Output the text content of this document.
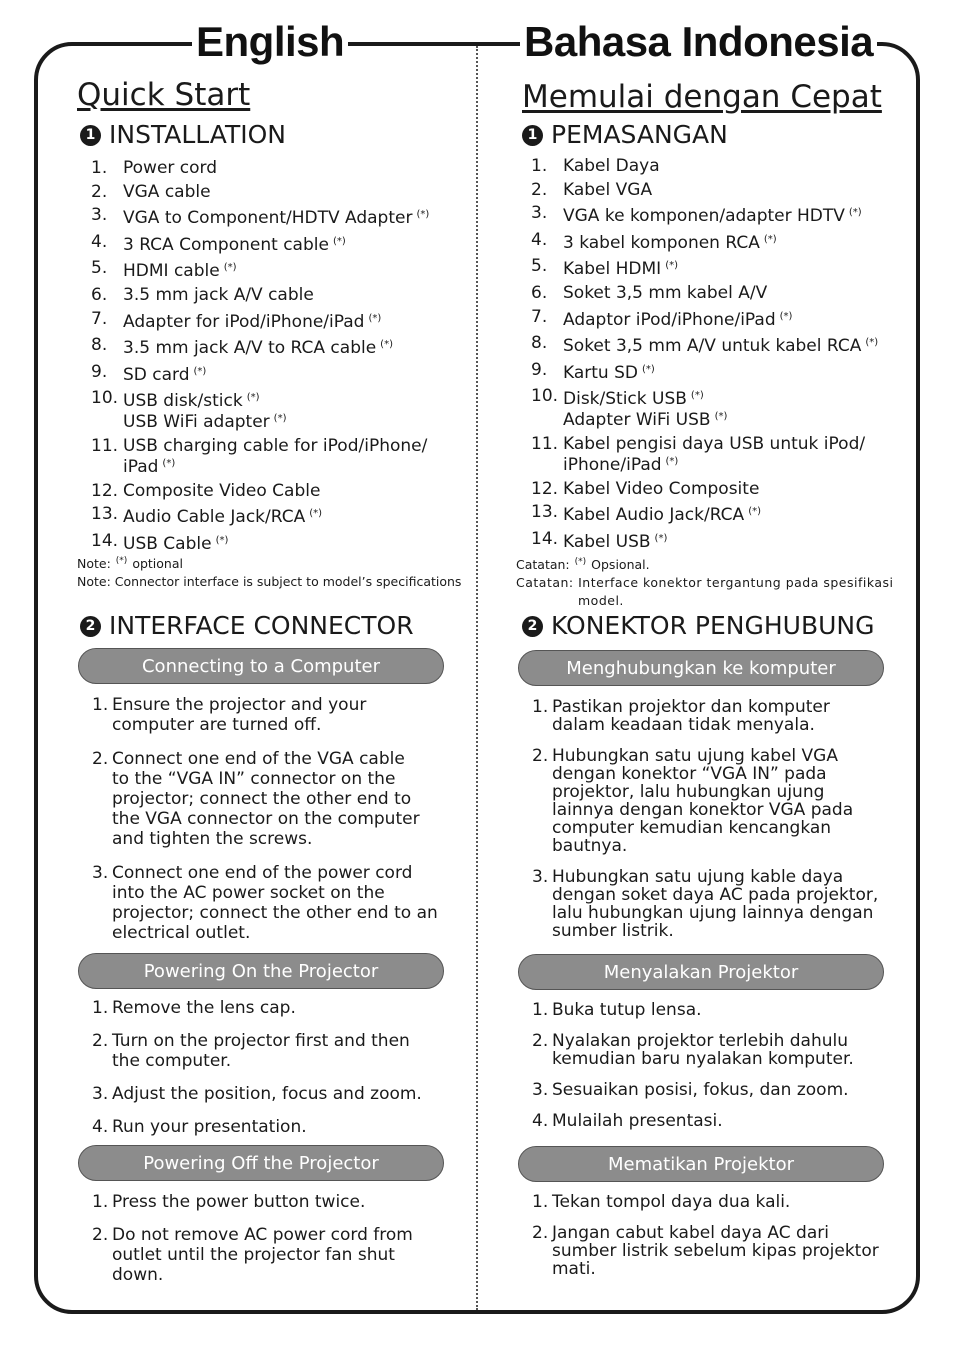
English	Bahasa Indonesia
Quick Start
1 INSTALLATION
1. Power cord
2. VGA cable
3. VGA to Component/HDTV Adapter (*)
4. 3 RCA Component cable (*)
5. HDMI cable (*)
6. 3.5 mm jack A/V cable
7. Adapter for iPod/iPhone/iPad (*)
8. 3.5 mm jack A/V to RCA cable (*)
9. SD card (*)
10. USB disk/stick (*)
USB WiFi adapter (*)
11. USB charging cable for iPod/iPhone/
iPad (*)
12. Composite Video Cable
13. Audio Cable Jack/RCA (*)
14. USB Cable (*)
Note: (*) optional
Note: Connector interface is subject to model’s specifications
2 INTERFACE CONNECTOR
Connecting to a Computer
1. Ensure the projector and your
computer are turned off.
2. Connect one end of the VGA cable
to the “VGA IN” connector on the
projector; connect the other end to
the VGA connector on the computer
and tighten the screws.
3. Connect one end of the power cord
into the AC power socket on the
projector; connect the other end to an
electrical outlet.
Powering On the Projector
1. Remove the lens cap.
2. Turn on the projector first and then
the computer.
3. Adjust the position, focus and zoom.
4. Run your presentation.
Powering Off the Projector
1. Press the power button twice.
2. Do not remove AC power cord from
outlet until the projector fan shut
down.
Memulai dengan Cepat
1 PEMASANGAN
1. Kabel Daya
2. Kabel VGA
3. VGA ke komponen/adapter HDTV (*)
4. 3 kabel komponen RCA (*)
5. Kabel HDMI (*)
6. Soket 3,5 mm kabel A/V
7. Adaptor iPod/iPhone/iPad (*)
8. Soket 3,5 mm A/V untuk kabel RCA (*)
9. Kartu SD (*)
10. Disk/Stick USB (*)
Adapter WiFi USB (*)
11. Kabel pengisi daya USB untuk iPod/
iPhone/iPad (*)
12. Kabel Video Composite
13. Kabel Audio Jack/RCA (*)
14. Kabel USB (*)
Catatan: (*) Opsional.
Catatan: Interface konektor tergantung pada spesifikasi
model.
2 KONEKTOR PENGHUBUNG
Menghubungkan ke komputer
1. Pastikan projektor dan komputer
dalam keadaan tidak menyala.
2. Hubungkan satu ujung kabel VGA
dengan konektor “VGA IN” pada
projektor, lalu hubungkan ujung
lainnya dengan konektor VGA pada
computer kemudian kencangkan
bautnya.
3. Hubungkan satu ujung kable daya
dengan soket daya AC pada projektor,
lalu hubungkan ujung lainnya dengan
sumber listrik.
Menyalakan Projektor
1. Buka tutup lensa.
2. Nyalakan projektor terlebih dahulu
kemudian baru nyalakan komputer.
3. Sesuaikan posisi, fokus, dan zoom.
4. Mulailah presentasi.
Mematikan Projektor
1. Tekan tompol daya dua kali.
2. Jangan cabut kabel daya AC dari
sumber listrik sebelum kipas projektor
mati.
